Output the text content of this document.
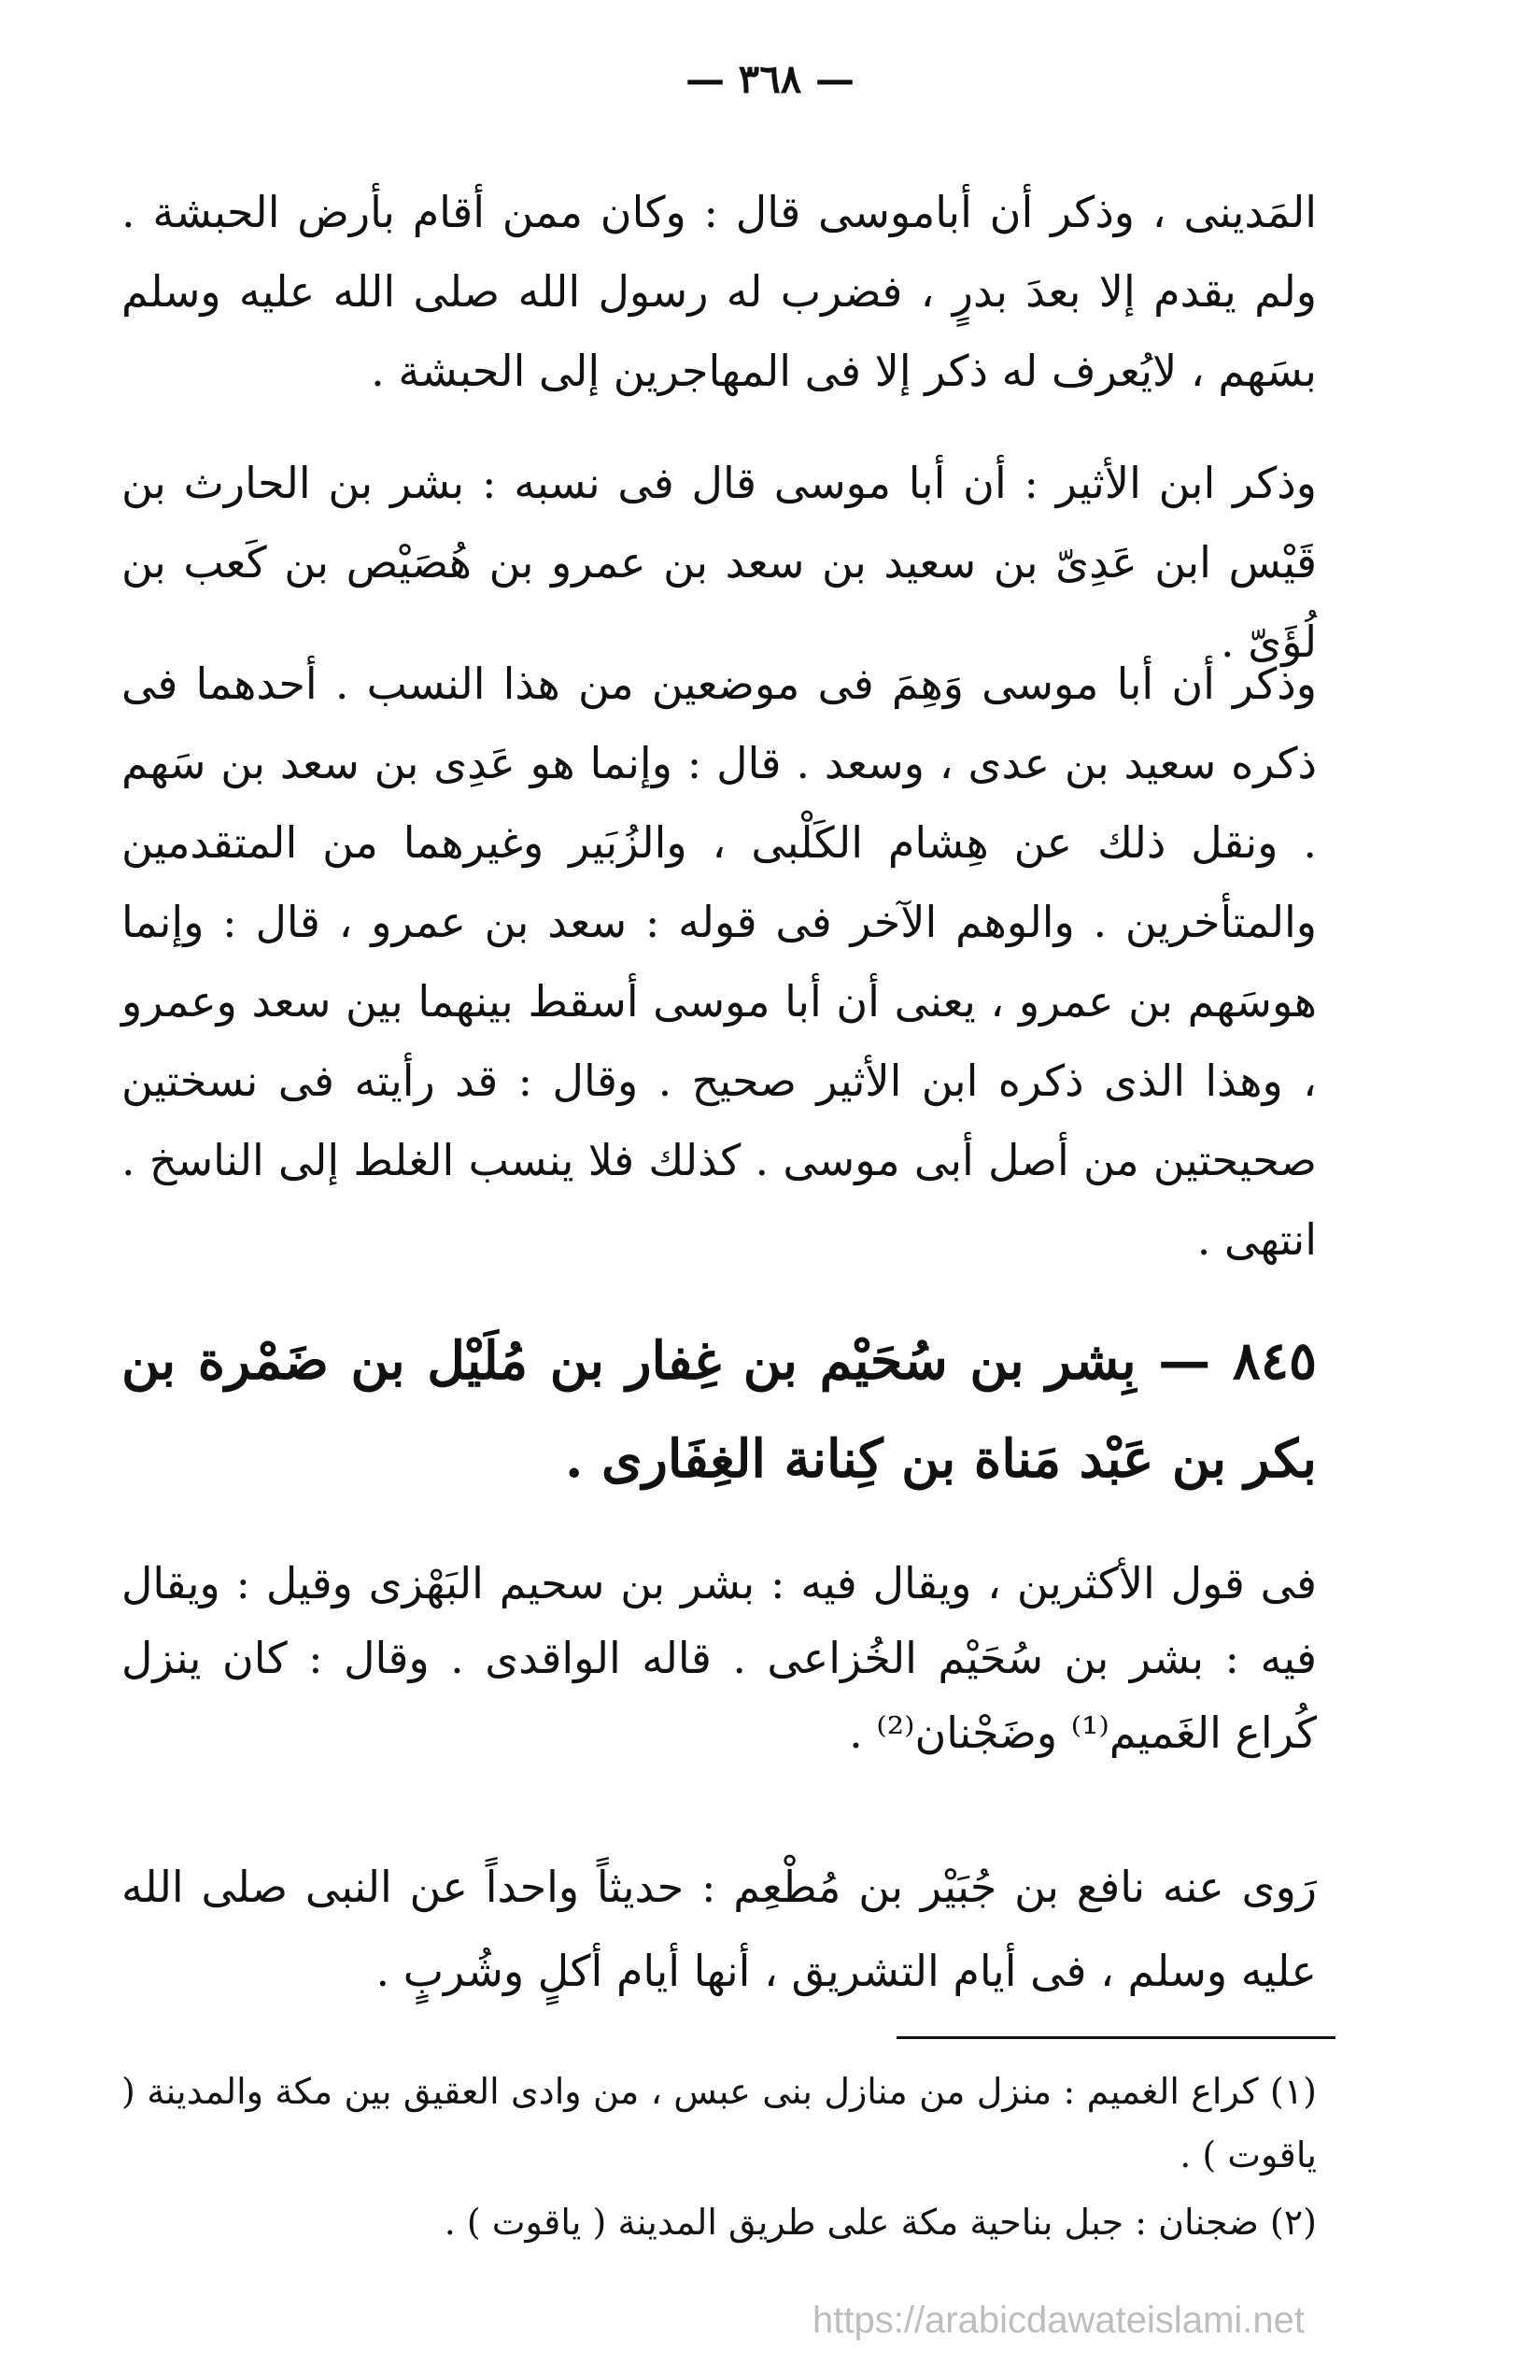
— ٣٦٨ —

المَدينى ، وذكر أن أباموسى قال : وكان ممن أقام بأرض الحبشة . ولم يقدم إلا بعدَ بدرٍ ، فضرب له رسول الله صلى الله عليه وسلم بسَهم ، لايُعرف له ذكر إلا فى المهاجرين إلى الحبشة .

وذكر ابن الأثير : أن أبا موسى قال فى نسبه : بشر بن الحارث بن قَيْس ابن عَدِىّ بن سعيد بن سعد بن عمرو بن هُصَيْص بن كَعب بن لُؤَىّ .

وذكر أن أبا موسى وَهِمَ فى موضعين من هذا النسب . أحدهما فى ذكره سعيد بن عدى ، وسعد . قال : وإنما هو عَدِى بن سعد بن سَهم . ونقل ذلك عن هِشام الكَلْبى ، والزُبَير وغيرهما من المتقدمين والمتأخرين . والوهم الآخر فى قوله : سعد بن عمرو ، قال : وإنما هوسَهم بن عمرو ، يعنى أن أبا موسى أسقط بينهما بين سعد وعمرو ، وهذا الذى ذكره ابن الأثير صحيح . وقال : قد رأيته فى نسختين صحيحتين من أصل أبى موسى . كذلك فلا ينسب الغلط إلى الناسخ . انتهى .

٨٤٥ — بِشر بن سُحَيْم بن غِفار بن مُلَيْل بن ضَمْرة بن بكر بن عَبْد مَناة بن كِنانة الغِفَارى .

فى قول الأكثرين ، ويقال فيه : بشر بن سحيم البَهْزى وقيل : ويقال فيه : بشر بن سُحَيْم الخُزاعى . قاله الواقدى . وقال : كان ينزل كُراع الغَميم⁽¹⁾ وضَجْنان⁽²⁾ .

رَوى عنه نافع بن جُبَيْر بن مُطْعِم : حديثاً واحداً عن النبى صلى الله عليه وسلم ، فى أيام التشريق ، أنها أيام أكلٍ وشُربٍ .

(١) كراع الغميم : منزل من منازل بنى عبس ، من وادى العقيق بين مكة والمدينة ( ياقوت ) .

(٢) ضجنان : جبل بناحية مكة على طريق المدينة ( ياقوت ) .

https://arabicdawateislami.net
